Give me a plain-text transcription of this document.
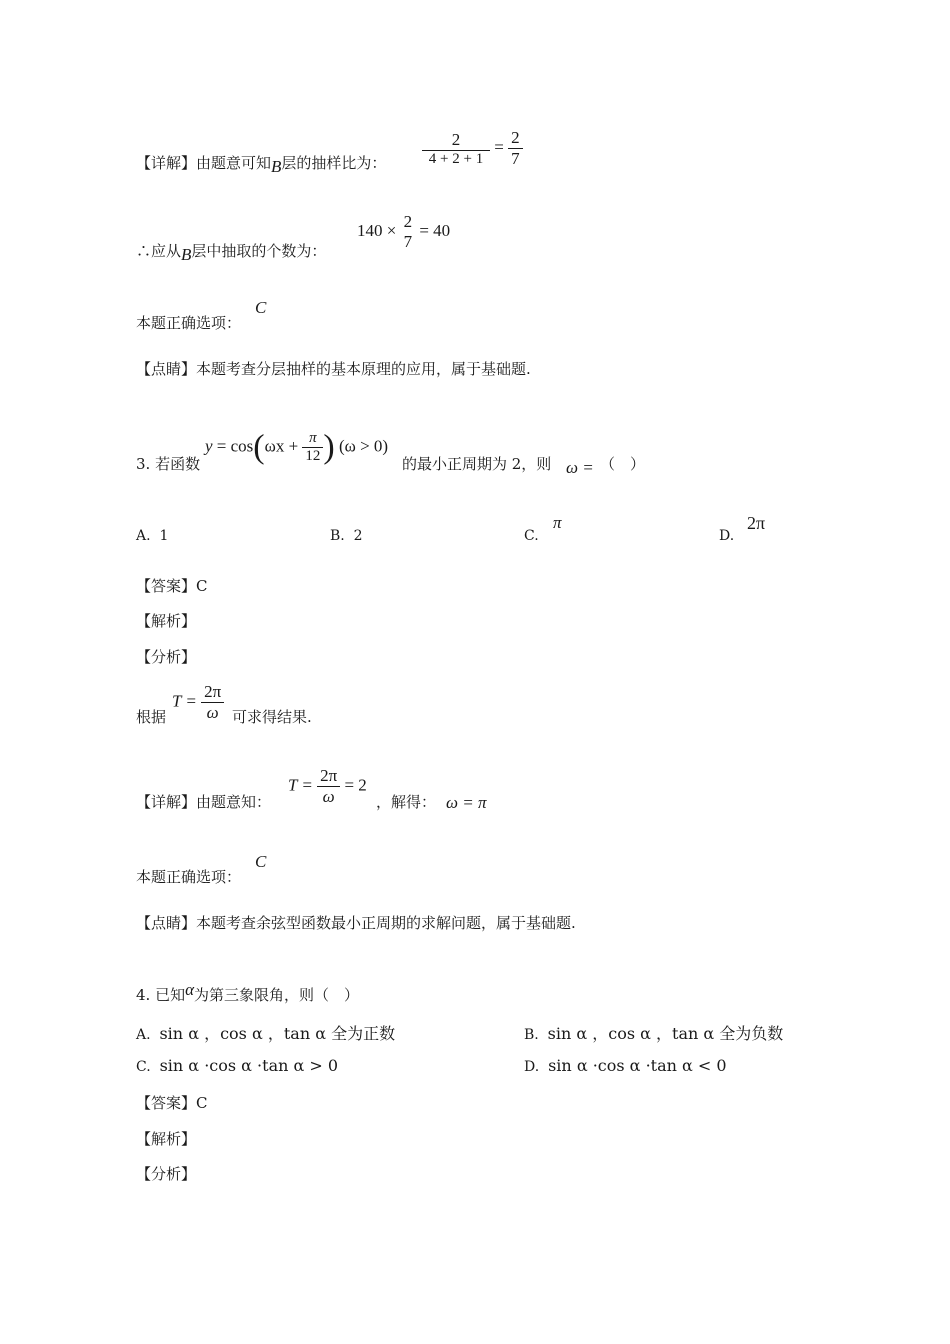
【详解】由题意可知B层的抽样比为： $\frac{2}{4 + 2 + 1} = \frac{2}{7}$
∴应从B层中抽取的个数为：
140 × 2
7
= 40
本题正确选项：
C
【点睛】本题考查分层抽样的基本原理的应用，属于基础题.
3. 若函数
$y = \cos(\omega x + \frac{\pi}{12}$ ) (ω > 0)
的最小正周期为 2，则 ω = （　）
A. 1	B. 2	C.
π
D.
2π
【答案】C
【解析】
【分析】
根据
$T = \frac{2\pi}{\omega}$ 可求得结果.
【详解】由题意知：
$T = \frac{2\pi}{\omega} = 2$
，解得： ω = π
本题正确选项：
C
【点睛】本题考查余弦型函数最小正周期的求解问题，属于基础题.
4. 已知α为第三象限角，则（　）
A. sin α ，cos α ，tan α 全为正数	B. sin α ，cos α ，tan α 全为负数
C. sin α ·cos α ·tan α > 0	D. sin α ·cos α ·tan α < 0
【答案】C
【解析】
【分析】
